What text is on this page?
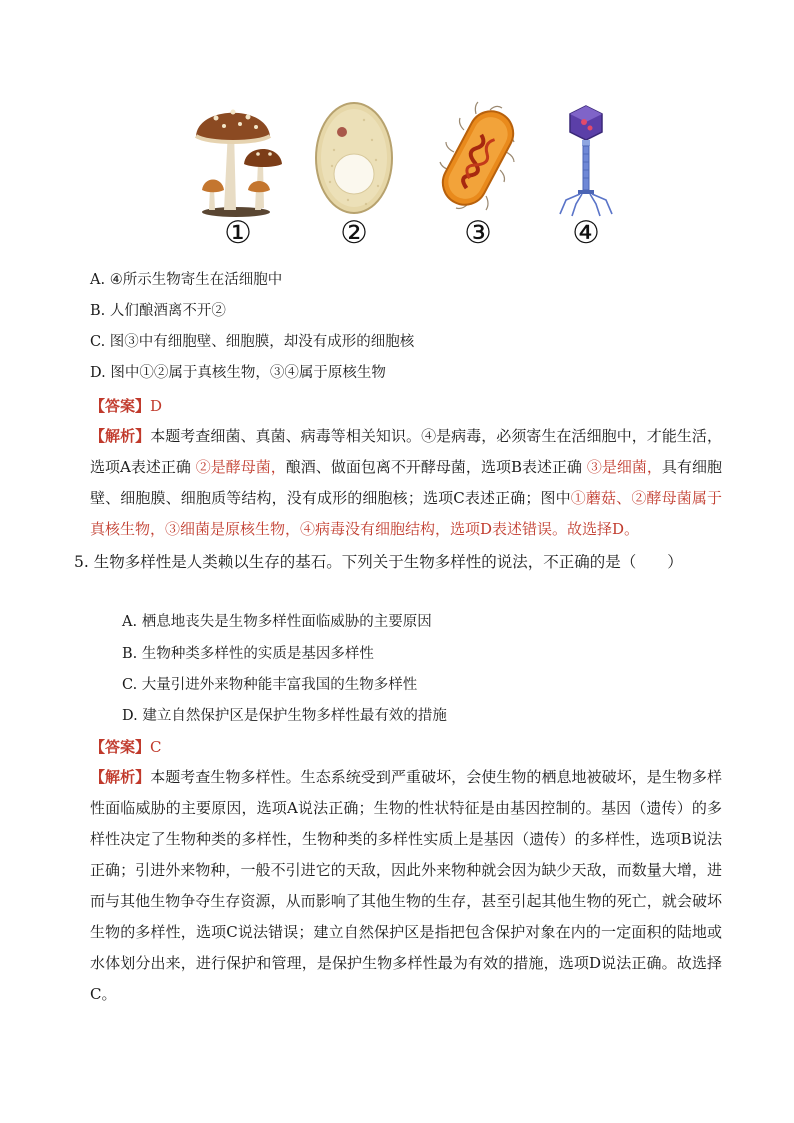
①	②	③	④
A. ④所示生物寄生在活细胞中
B. 人们酿酒离不开②
C. 图③中有细胞壁、细胞膜，却没有成形的细胞核
D. 图中①②属于真核生物，③④属于原核生物
【答案】D
【解析】本题考查细菌、真菌、病毒等相关知识。④是病毒，必须寄生在活细胞中，才能生活，选项A表述正确 ②是酵母菌，酿酒、做面包离不开酵母菌，选项B表述正确 ③是细菌，具有细胞壁、细胞膜、细胞质等结构，没有成形的细胞核；选项C表述正确；图中①蘑菇、②酵母菌属于真核生物，③细菌是原核生物，④病毒没有细胞结构，选项D表述错误。故选择D。
5. 生物多样性是人类赖以生存的基石。下列关于生物多样性的说法，不正确的是（　　）
A. 栖息地丧失是生物多样性面临威胁的主要原因
B. 生物种类多样性的实质是基因多样性
C. 大量引进外来物种能丰富我国的生物多样性
D. 建立自然保护区是保护生物多样性最有效的措施
【答案】C
【解析】本题考查生物多样性。生态系统受到严重破坏，会使生物的栖息地被破坏，是生物多样性面临威胁的主要原因，选项A说法正确；生物的性状特征是由基因控制的。基因（遗传）的多样性决定了生物种类的多样性，生物种类的多样性实质上是基因（遗传）的多样性，选项B说法正确；引进外来物种，一般不引进它的天敌，因此外来物种就会因为缺少天敌，而数量大增，进而与其他生物争夺生存资源，从而影响了其他生物的生存，甚至引起其他生物的死亡，就会破坏生物的多样性，选项C说法错误；建立自然保护区是指把包含保护对象在内的一定面积的陆地或水体划分出来，进行保护和管理，是保护生物多样性最为有效的措施，选项D说法正确。故选择C。
